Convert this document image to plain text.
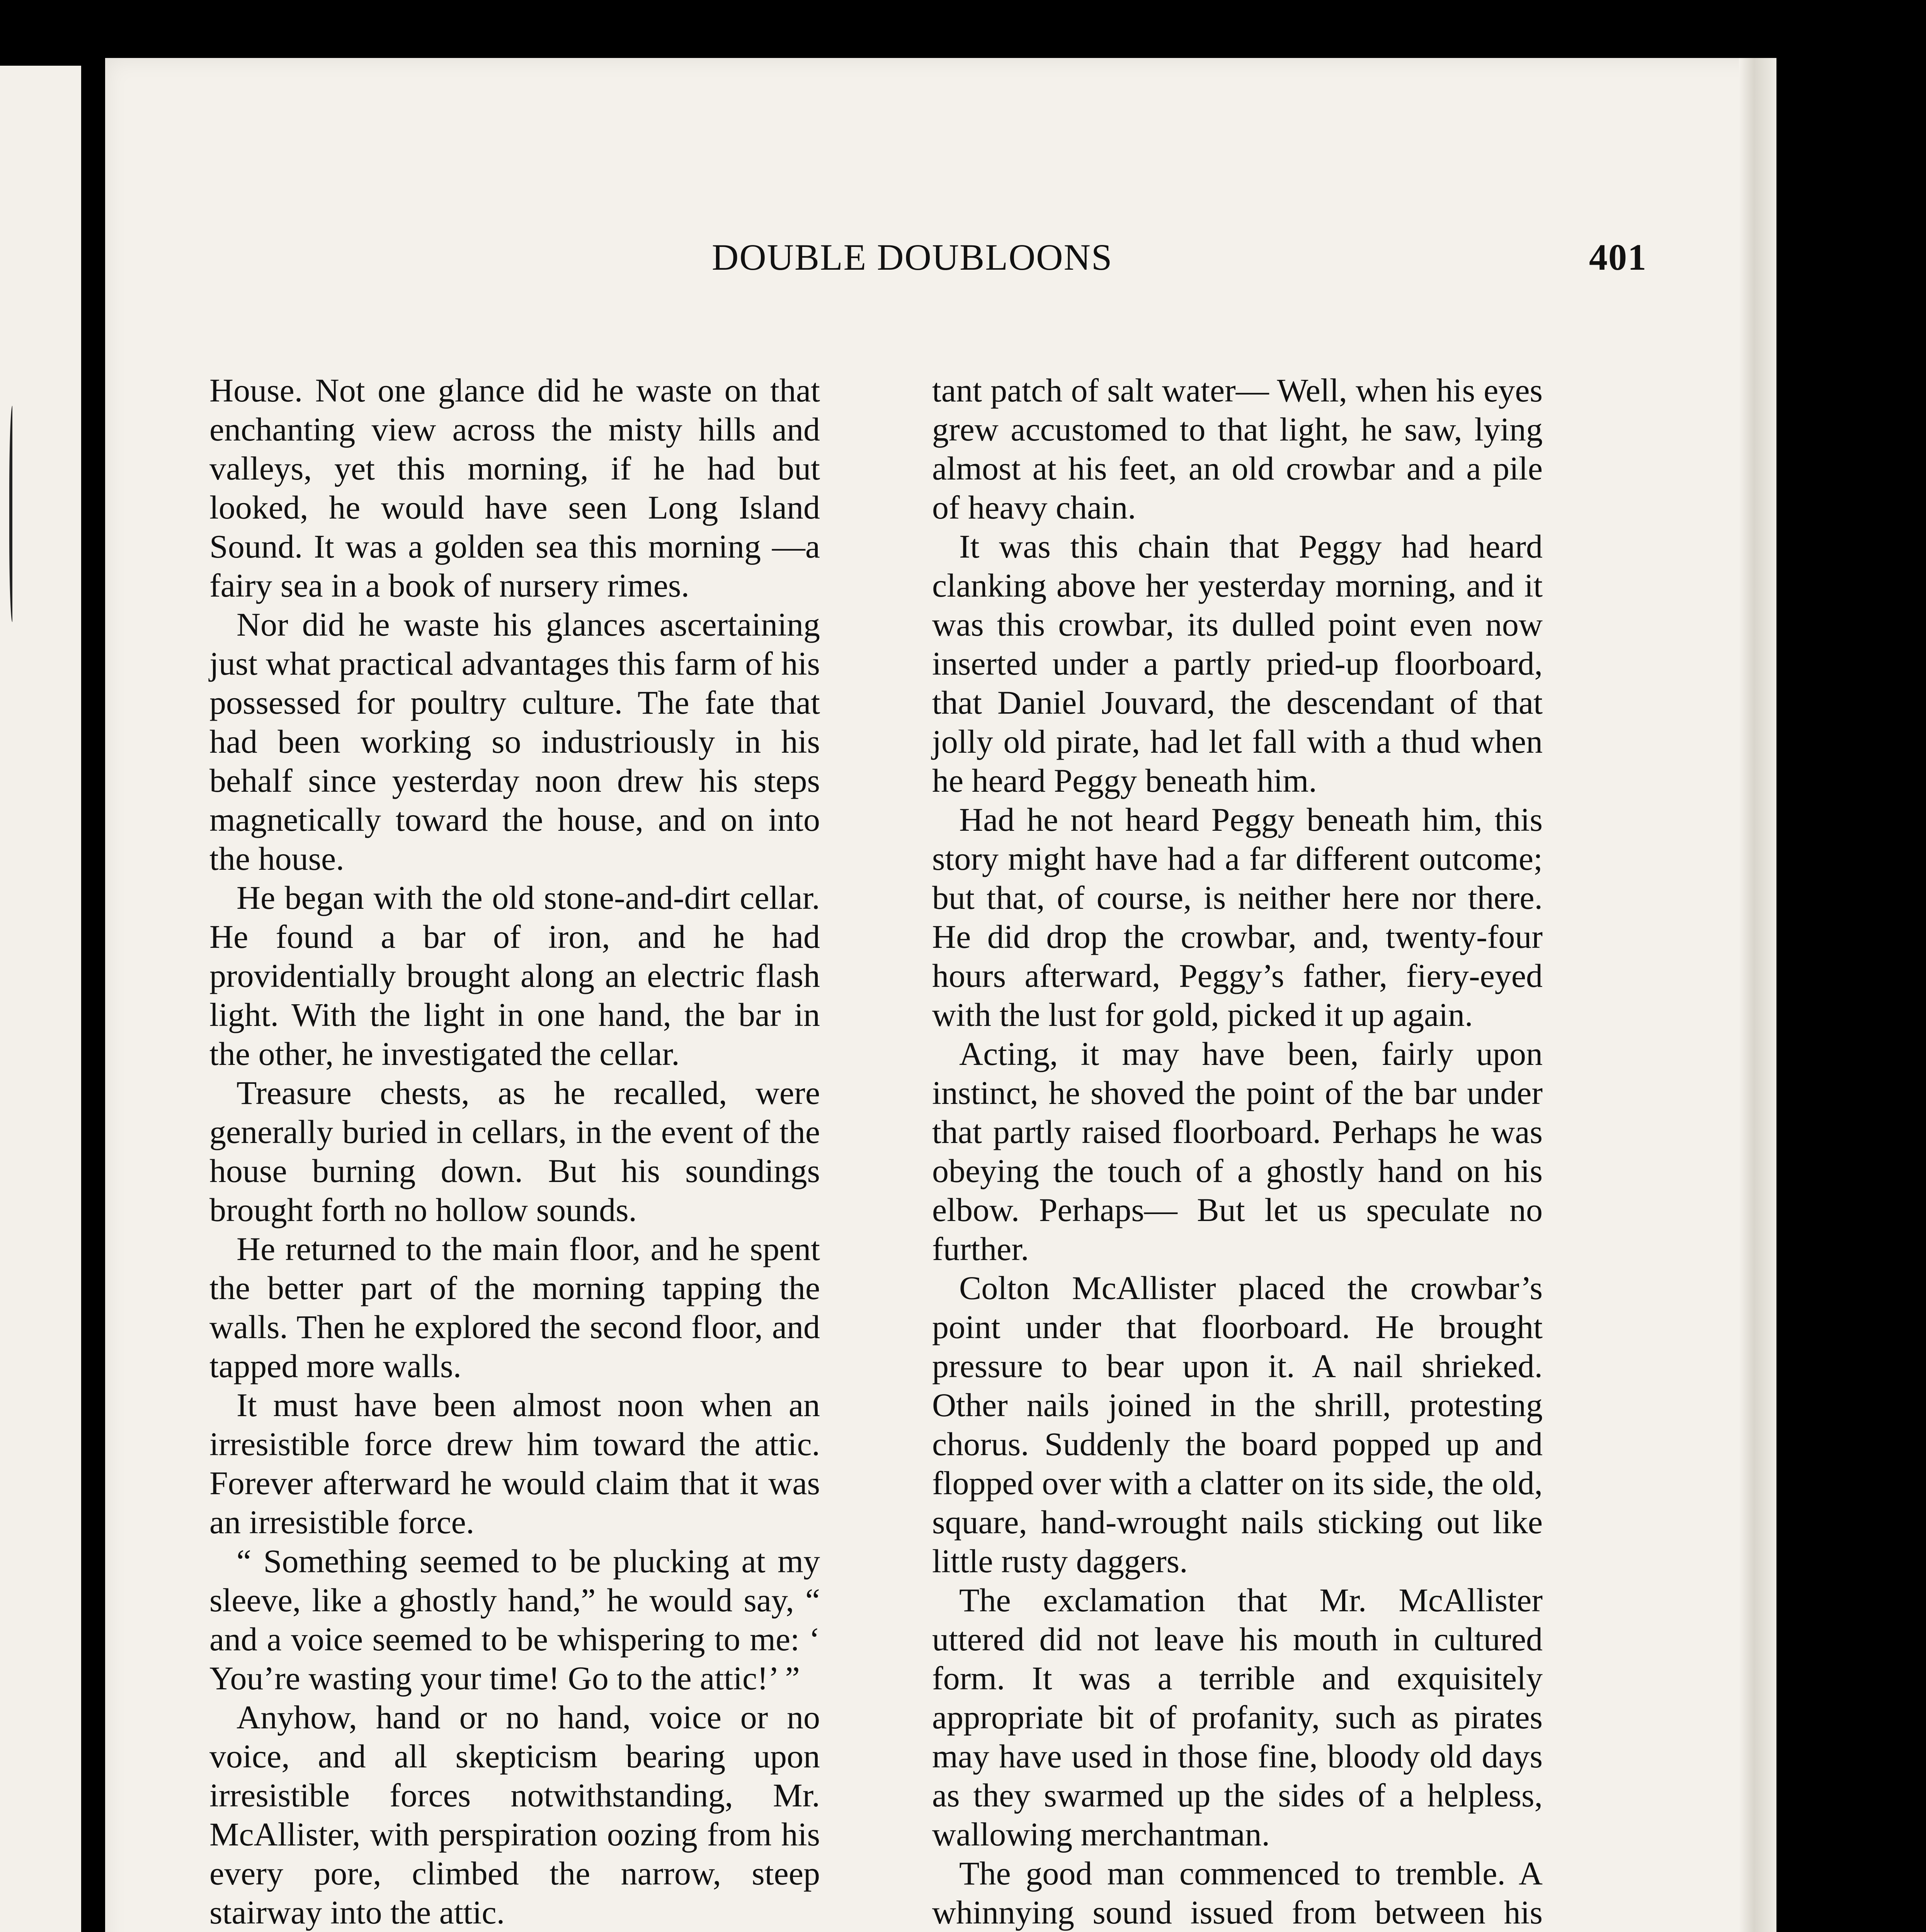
DOUBLE DOUBLOONS	401

House. Not one glance did he waste on that enchanting view across the misty hills and valleys, yet this morning, if he had but looked, he would have seen Long Island Sound. It was a golden sea this morning —a fairy sea in a book of nursery rimes.

Nor did he waste his glances ascertaining just what practical advantages this farm of his possessed for poultry culture. The fate that had been working so industriously in his behalf since yesterday noon drew his steps magnetically toward the house, and on into the house.

He began with the old stone-and-dirt cellar. He found a bar of iron, and he had providentially brought along an electric flash light. With the light in one hand, the bar in the other, he investigated the cellar.

Treasure chests, as he recalled, were generally buried in cellars, in the event of the house burning down. But his soundings brought forth no hollow sounds.

He returned to the main floor, and he spent the better part of the morning tapping the walls. Then he explored the second floor, and tapped more walls.

It must have been almost noon when an irresistible force drew him toward the attic. Forever afterward he would claim that it was an irresistible force.

“ Something seemed to be plucking at my sleeve, like a ghostly hand,” he would say, “ and a voice seemed to be whispering to me: ‘ You’re wasting your time! Go to the attic!’ ”

Anyhow, hand or no hand, voice or no voice, and all skepticism bearing upon irresistible forces notwithstanding, Mr. McAllister, with perspiration oozing from his every pore, climbed the narrow, steep stairway into the attic.

tant patch of salt water— Well, when his eyes grew accustomed to that light, he saw, lying almost at his feet, an old crowbar and a pile of heavy chain.

It was this chain that Peggy had heard clanking above her yesterday morning, and it was this crowbar, its dulled point even now inserted under a partly pried-up floorboard, that Daniel Jouvard, the descendant of that jolly old pirate, had let fall with a thud when he heard Peggy beneath him.

Had he not heard Peggy beneath him, this story might have had a far different outcome; but that, of course, is neither here nor there. He did drop the crowbar, and, twenty-four hours afterward, Peggy’s father, fiery-eyed with the lust for gold, picked it up again.

Acting, it may have been, fairly upon instinct, he shoved the point of the bar under that partly raised floorboard. Perhaps he was obeying the touch of a ghostly hand on his elbow. Perhaps— But let us speculate no further.

Colton McAllister placed the crowbar’s point under that floorboard. He brought pressure to bear upon it. A nail shrieked. Other nails joined in the shrill, protesting chorus. Suddenly the board popped up and flopped over with a clatter on its side, the old, square, hand-wrought nails sticking out like little rusty daggers.

The exclamation that Mr. McAllister uttered did not leave his mouth in cultured form. It was a terrible and exquisitely appropriate bit of profanity, such as pirates may have used in those fine, bloody old days as they swarmed up the sides of a helpless, wallowing merchantman.

The good man commenced to tremble. A whinnying sound issued from between his
